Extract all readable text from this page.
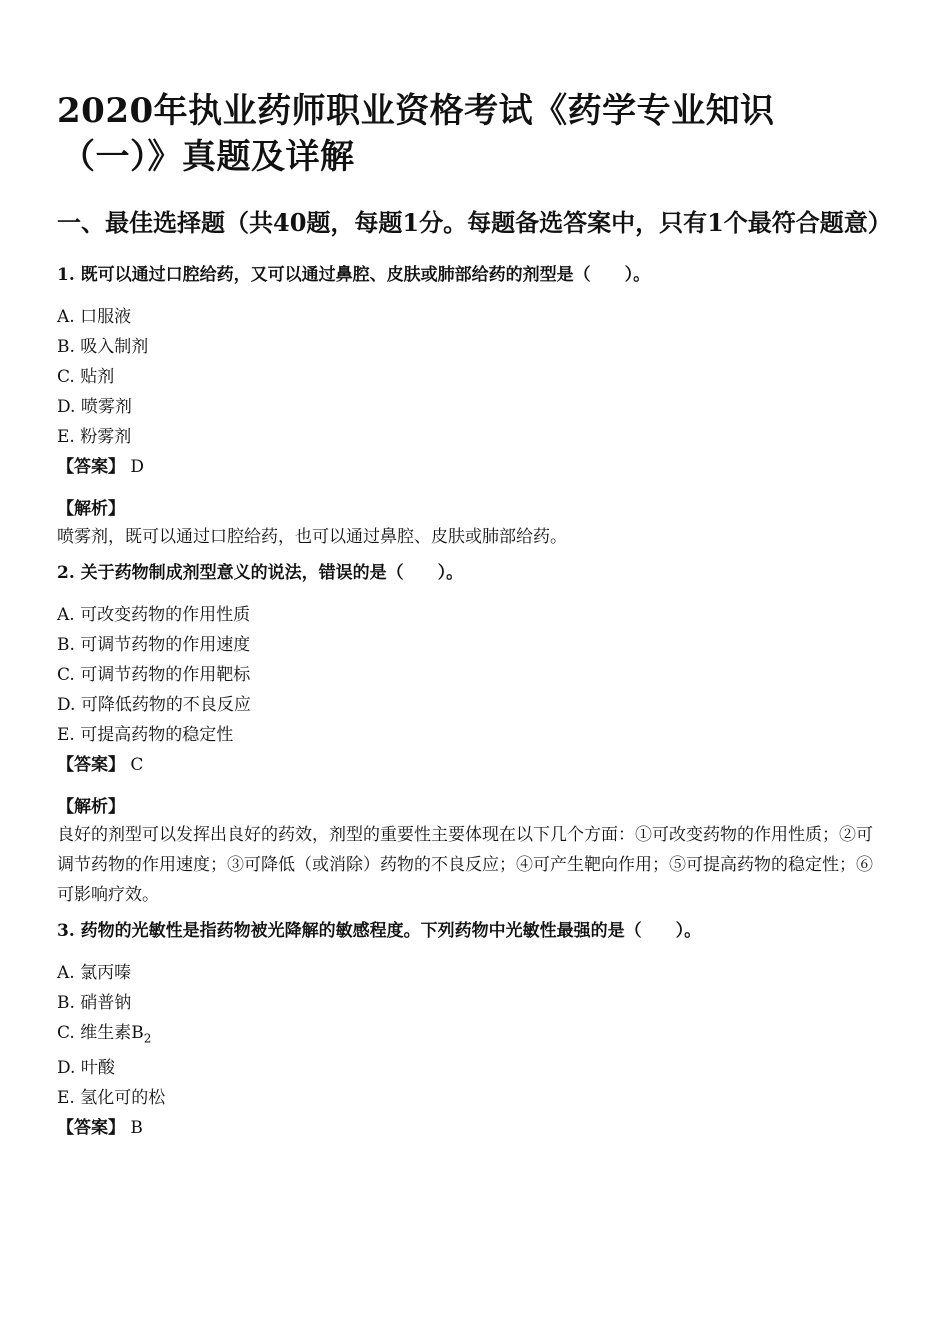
2020年执业药师职业资格考试《药学专业知识
（一）》真题及详解
一、最佳选择题（共40题，每题1分。每题备选答案中，只有1个最符合题意）

1. 既可以通过口腔给药，又可以通过鼻腔、皮肤或肺部给药的剂型是（　　）。

A. 口服液

B. 吸入制剂

C. 贴剂

D. 喷雾剂

E. 粉雾剂

【答案】 D

【解析】

喷雾剂，既可以通过口腔给药，也可以通过鼻腔、皮肤或肺部给药。

2. 关于药物制成剂型意义的说法，错误的是（　　）。

A. 可改变药物的作用性质

B. 可调节药物的作用速度

C. 可调节药物的作用靶标

D. 可降低药物的不良反应

E. 可提高药物的稳定性

【答案】 C

【解析】

良好的剂型可以发挥出良好的药效，剂型的重要性主要体现在以下几个方面：①可改变药物的作用性质；②可调节药物的作用速度；③可降低（或消除）药物的不良反应；④可产生靶向作用；⑤可提高药物的稳定性；⑥可影响疗效。

3. 药物的光敏性是指药物被光降解的敏感程度。下列药物中光敏性最强的是（　　）。

A. 氯丙嗪

B. 硝普钠

C. 维生素$B_2$

D. 叶酸

E. 氢化可的松

【答案】 B
